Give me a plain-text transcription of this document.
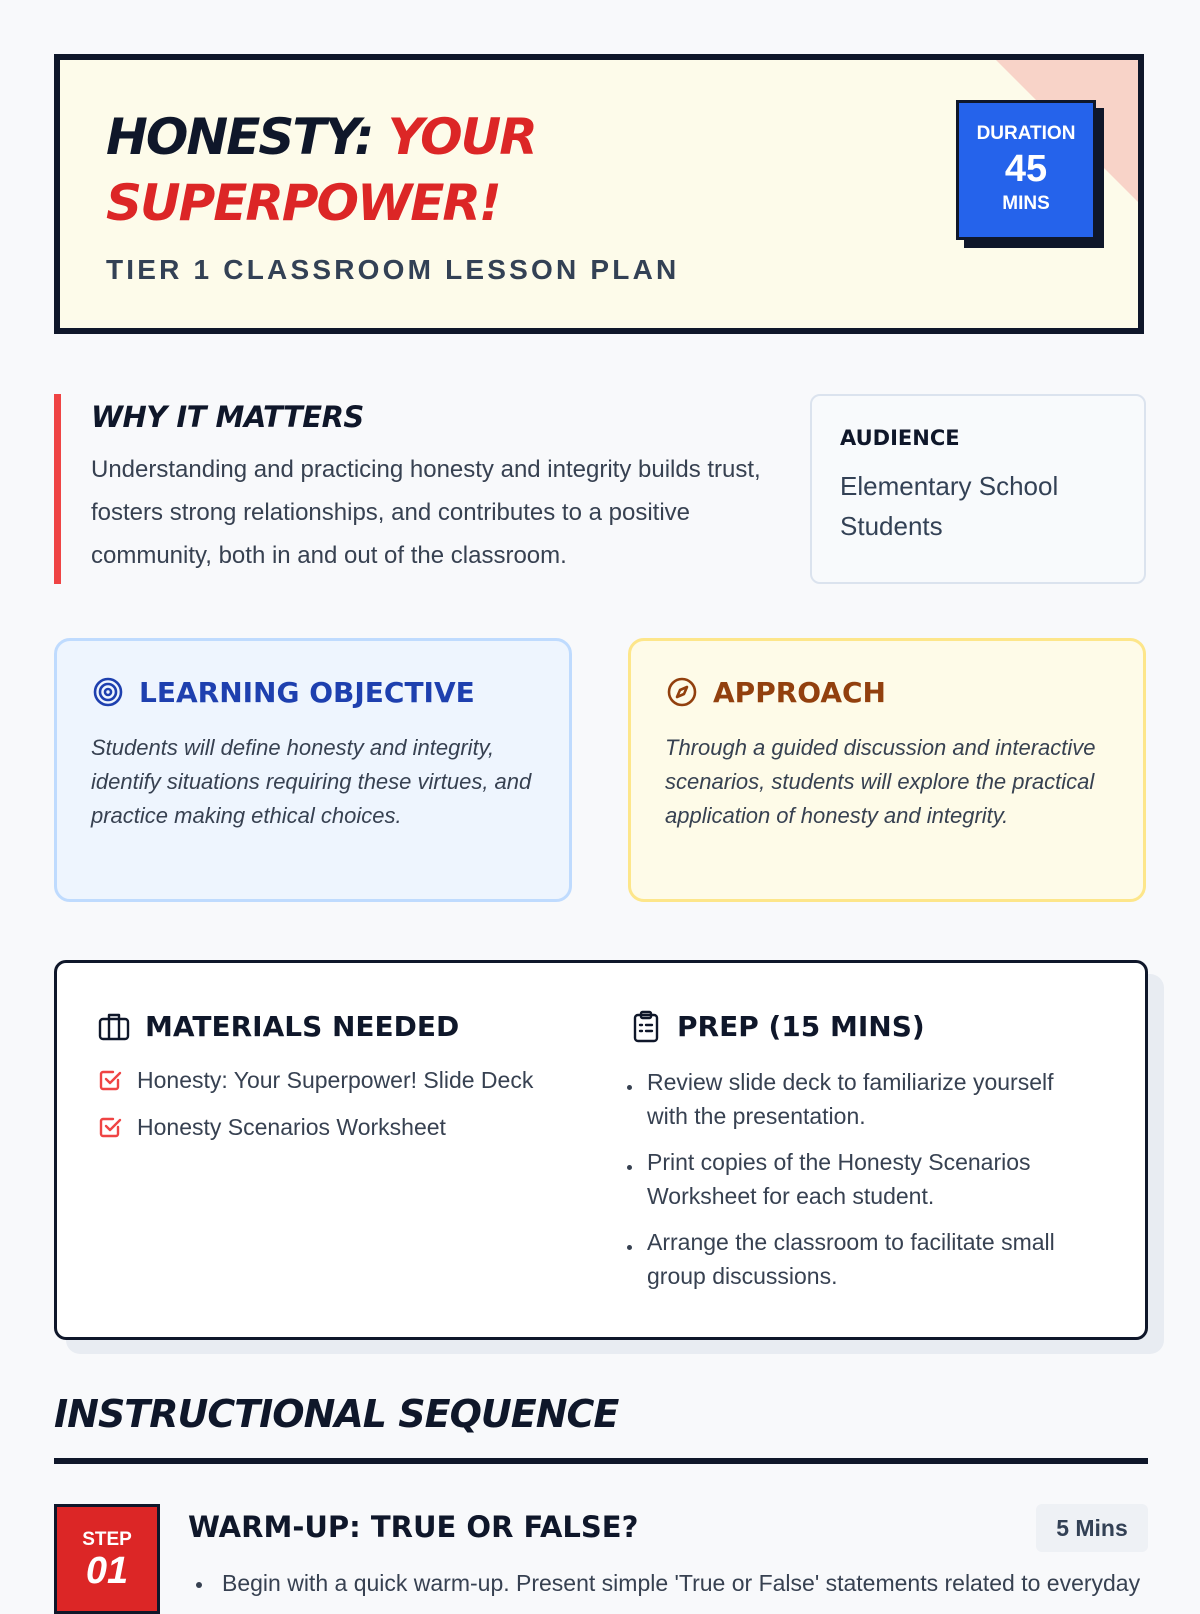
HONESTY: YOUR SUPERPOWER!
TIER 1 CLASSROOM LESSON PLAN
DURATION
45
MINS
WHY IT MATTERS

Understanding and practicing honesty and integrity builds trust, fosters strong relationships, and contributes to a positive community, both in and out of the classroom.

AUDIENCE
Elementary School Students
LEARNING OBJECTIVE

Students will define honesty and integrity, identify situations requiring these virtues, and practice making ethical choices.

APPROACH

Through a guided discussion and interactive scenarios, students will explore the practical application of honesty and integrity.

MATERIALS NEEDED
Honesty: Your Superpower! Slide Deck
Honesty Scenarios Worksheet
PREP (15 MINS)
Review slide deck to familiarize yourself with the presentation.
Print copies of the Honesty Scenarios Worksheet for each student.
Arrange the classroom to facilitate small group discussions.
INSTRUCTIONAL SEQUENCE
STEP
01
WARM-UP: TRUE OR FALSE?	5 Mins
Begin with a quick warm-up. Present simple 'True or False' statements related to everyday
